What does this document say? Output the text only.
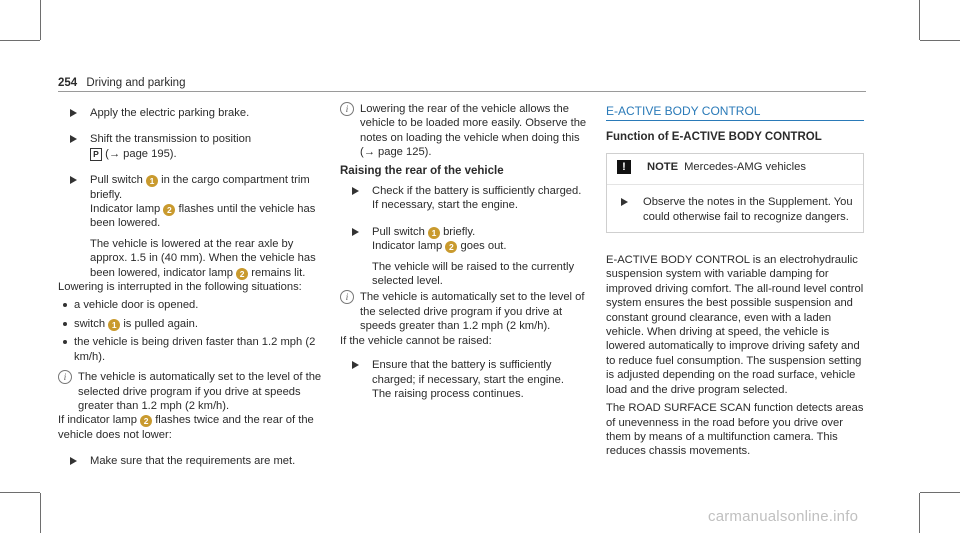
254 Driving and parking

Apply the electric parking brake.

Shift the transmission to position
P (→ page 195).

Pull switch 1 in the cargo compartment trim briefly.
Indicator lamp 2 flashes until the vehicle has been lowered.

The vehicle is lowered at the rear axle by approx. 1.5 in (40 mm). When the vehicle has been lowered, indicator lamp 2 remains lit.

Lowering is interrupted in the following situations:

a vehicle door is opened.

switch 1 is pulled again.

the vehicle is being driven faster than 1.2 mph (2 km/h).

i	The vehicle is automatically set to the level of the selected drive program if you drive at speeds greater than 1.2 mph (2 km/h).

If indicator lamp 2 flashes twice and the rear of the vehicle does not lower:

Make sure that the requirements are met.

i	Lowering the rear of the vehicle allows the vehicle to be loaded more easily. Observe the notes on loading the vehicle when doing this (→ page 125).

Raising the rear of the vehicle

Check if the battery is sufficiently charged. If necessary, start the engine.

Pull switch 1 briefly.
Indicator lamp 2 goes out.

The vehicle will be raised to the currently selected level.

i	The vehicle is automatically set to the level of the selected drive program if you drive at speeds greater than 1.2 mph (2 km/h).

If the vehicle cannot be raised:

Ensure that the battery is sufficiently charged; if necessary, start the engine.
The raising process continues.

E-ACTIVE BODY CONTROL

Function of E-ACTIVE BODY CONTROL

!	NOTE Mercedes-AMG vehicles
Observe the notes in the Supplement. You could otherwise fail to recognize dangers.

E-ACTIVE BODY CONTROL is an electrohydraulic suspension system with variable damping for improved driving comfort. The all-round level control system ensures the best possible suspension and constant ground clearance, even with a laden vehicle. When driving at speed, the vehicle is lowered automatically to improve driving safety and to reduce fuel consumption. The suspension setting is adjusted depending on the road surface, vehicle load and the drive program selected.

The ROAD SURFACE SCAN function detects areas of unevenness in the road before you drive over them by means of a multifunction camera. This reduces chassis movements.

carmanualsonline.info
